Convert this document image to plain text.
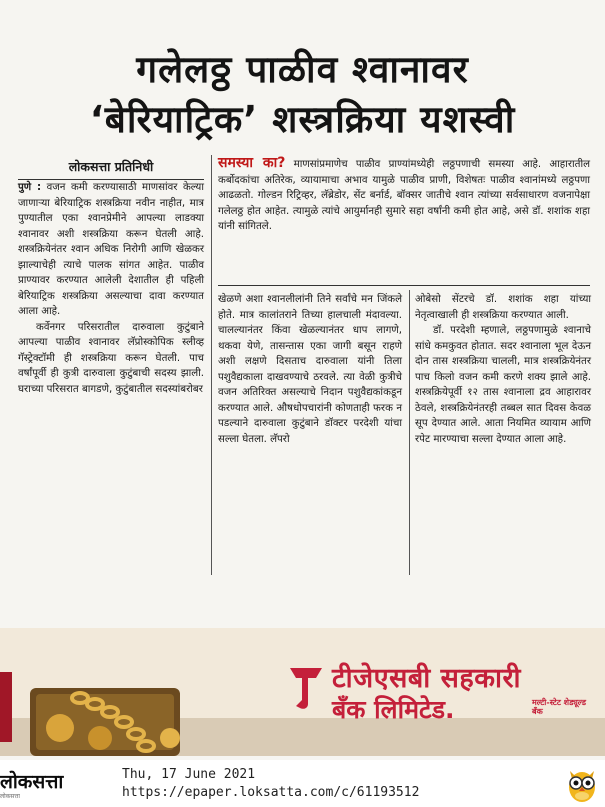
गलेलठ्ठ पाळीव श्वानावर
‘बेरियाट्रिक’ शस्त्रक्रिया यशस्वी
लोकसत्ता प्रतिनिधी

पुणे : वजन कमी करण्यासाठी माणसांवर केल्या जाणाऱ्या बेरियाट्रिक शस्त्रक्रिया नवीन नाहीत, मात्र पुण्यातील एका श्वानप्रेमीने आपल्या लाडक्या श्वानावर अशी शस्त्रक्रिया करून घेतली आहे. शस्त्रक्रियेनंतर श्वान अधिक निरोगी आणि खेळकर झाल्याचेही त्याचे पालक सांगत आहेत. पाळीव प्राण्यावर करण्यात आलेली देशातील ही पहिली बेरियाट्रिक शस्त्रक्रिया असल्याचा दावा करण्यात आला आहे.

कर्वेनगर परिसरातील दारुवाला कुटुंबाने आपल्या पाळीव श्वानावर लॅप्रोस्कोपिक स्लीव्ह गॅस्ट्रेक्टॉमी ही शस्त्रक्रिया करून घेतली. पाच वर्षांपूर्वी ही कुत्री दारुवाला कुटुंबाची सदस्य झाली. घराच्या परिसरात बागडणे, कुटुंबातील सदस्यांबरोबर

समस्या का? माणसांप्रमाणेच पाळीव प्राण्यांमध्येही लठ्ठपणाची समस्या आहे. आहारातील कर्बोदकांचा अतिरेक, व्यायामाचा अभाव यामुळे पाळीव प्राणी, विशेषतः पाळीव श्वानांमध्ये लठ्ठपणा आढळतो. गोल्डन रिट्रिव्हर, लॅब्रेडोर, सेंट बर्नार्ड, बॉक्सर जातीचे श्वान त्यांच्या सर्वसाधारण वजनापेक्षा गलेलठ्ठ होत आहेत. त्यामुळे त्यांचे आयुर्मानही सुमारे सहा वर्षांनी कमी होत आहे, असे डॉ. शशांक शहा यांनी सांगितले.

खेळणे अशा श्वानलीलांनी तिने सर्वांचे मन जिंकले होते. मात्र कालांतराने तिच्या हालचाली मंदावल्या. चालल्यानंतर किंवा खेळल्यानंतर धाप लागणे, थकवा येणे, तासन्तास एका जागी बसून राहणे अशी लक्षणे दिसताच दारुवाला यांनी तिला पशुवैद्यकाला दाखवण्याचे ठरवले. त्या वेळी कुत्रीचे वजन अतिरिक्त असल्याचे निदान पशुवैद्यकांकडून करण्यात आले. औषधोपचारांनी कोणताही फरक न पडल्याने दारुवाला कुटुंबाने डॉक्टर परदेशी यांचा सल्ला घेतला. लॅपरो

ओबेसो सेंटरचे डॉ. शशांक शहा यांच्या नेतृत्वाखाली ही शस्त्रक्रिया करण्यात आली.

डॉ. परदेशी म्हणाले, लठ्ठपणामुळे श्वानाचे सांधे कमकुवत होतात. सदर श्वानाला भूल देऊन दोन तास शस्त्रक्रिया चालली, मात्र शस्त्रक्रियेनंतर पाच किलो वजन कमी करणे शक्य झाले आहे. शस्त्रक्रियेपूर्वी १२ तास श्वानाला द्रव आहारावर ठेवले, शस्त्रक्रियेनंतरही तब्बल सात दिवस केवळ सूप देण्यात आले. आता नियमित व्यायाम आणि रपेट मारण्याचा सल्ला देण्यात आला आहे.

टीजेएसबी सहकारी
बँक लिमिटेड.	मल्टी-स्टेट शेड्यूल्ड बँक
लोकसत्ता
लोकसत्ता
Thu, 17 June 2021
https://epaper.loksatta.com/c/61193512
